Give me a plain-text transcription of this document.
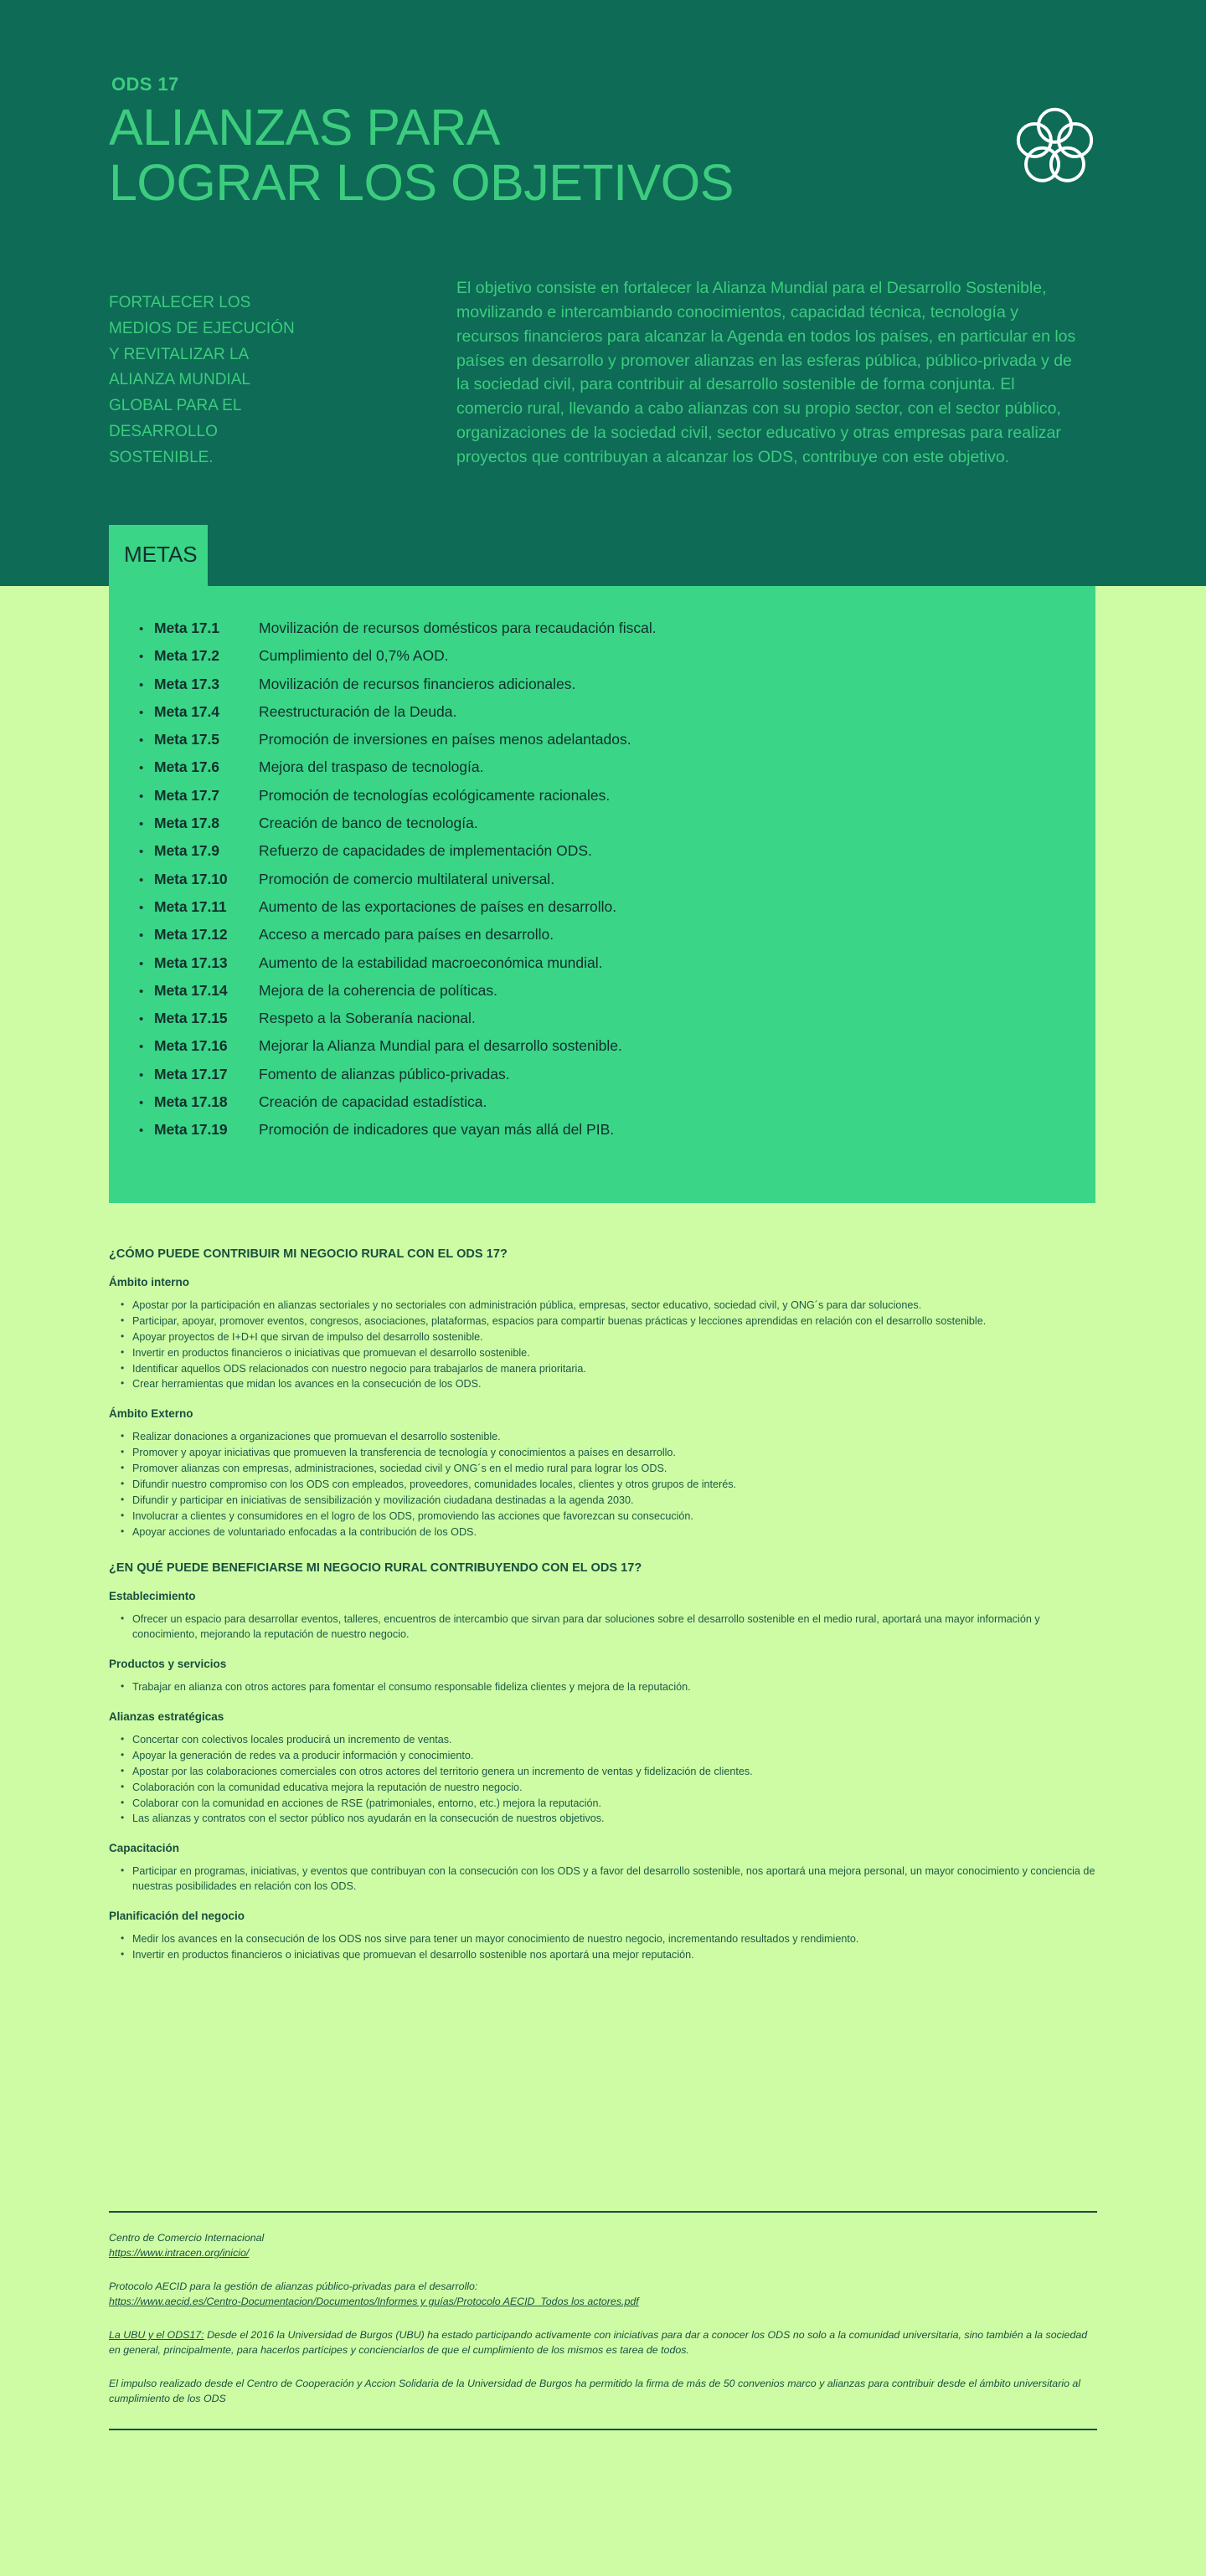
ODS 17
ALIANZAS PARA
LOGRAR LOS OBJETIVOS
FORTALECER LOS MEDIOS DE EJECUCIÓN Y REVITALIZAR LA ALIANZA MUNDIAL GLOBAL PARA EL DESARROLLO SOSTENIBLE.
El objetivo consiste en fortalecer la Alianza Mundial para el Desarrollo Sostenible, movilizando e intercambiando conocimientos, capacidad técnica, tecnología y recursos financieros para alcanzar la Agenda en todos los países, en particular en los países en desarrollo y promover alianzas en las esferas pública, público-privada y de la sociedad civil, para contribuir al desarrollo sostenible de forma conjunta. El comercio rural, llevando a cabo alianzas con su propio sector, con el sector público, organizaciones de la sociedad civil, sector educativo y otras empresas para realizar proyectos que contribuyan a alcanzar los ODS, contribuye con este objetivo.
METAS
• Meta 17.1	Movilización de recursos domésticos para recaudación fiscal.
• Meta 17.2	Cumplimiento del 0,7% AOD.
• Meta 17.3	Movilización de recursos financieros adicionales.
• Meta 17.4	Reestructuración de la Deuda.
• Meta 17.5	Promoción de inversiones en países menos adelantados.
• Meta 17.6	Mejora del traspaso de tecnología.
• Meta 17.7	Promoción de tecnologías ecológicamente racionales.
• Meta 17.8	Creación de banco de tecnología.
• Meta 17.9	Refuerzo de capacidades de implementación ODS.
• Meta 17.10	Promoción de comercio multilateral universal.
• Meta 17.11	Aumento de las exportaciones de países en desarrollo.
• Meta 17.12	Acceso a mercado para países en desarrollo.
• Meta 17.13	Aumento de la estabilidad macroeconómica mundial.
• Meta 17.14	Mejora de la coherencia de políticas.
• Meta 17.15	Respeto a la Soberanía nacional.
• Meta 17.16	Mejorar la Alianza Mundial para el desarrollo sostenible.
• Meta 17.17	Fomento de alianzas público-privadas.
• Meta 17.18	Creación de capacidad estadística.
• Meta 17.19	Promoción de indicadores que vayan más allá del PIB.
¿CÓMO PUEDE CONTRIBUIR MI NEGOCIO RURAL CON EL ODS 17?
Ámbito interno
• Apostar por la participación en alianzas sectoriales y no sectoriales con administración pública, empresas, sector educativo, sociedad civil, y ONG´s para dar soluciones.
• Participar, apoyar, promover eventos, congresos, asociaciones, plataformas, espacios para compartir buenas prácticas y lecciones aprendidas en relación con el desarrollo sostenible.
• Apoyar proyectos de I+D+I que sirvan de impulso del desarrollo sostenible.
• Invertir en productos financieros o iniciativas que promuevan el desarrollo sostenible.
• Identificar aquellos ODS relacionados con nuestro negocio para trabajarlos de manera prioritaria.
• Crear herramientas que midan los avances en la consecución de los ODS.
Ámbito Externo
• Realizar donaciones a organizaciones que promuevan el desarrollo sostenible.
• Promover y apoyar iniciativas que promueven la transferencia de tecnología y conocimientos a países en desarrollo.
• Promover alianzas con empresas, administraciones, sociedad civil y ONG´s en el medio rural para lograr los ODS.
• Difundir nuestro compromiso con los ODS con empleados, proveedores, comunidades locales, clientes y otros grupos de interés.
• Difundir y participar en iniciativas de sensibilización y movilización ciudadana destinadas a la agenda 2030.
• Involucrar a clientes y consumidores en el logro de los ODS, promoviendo las acciones que favorezcan su consecución.
• Apoyar acciones de voluntariado enfocadas a la contribución de los ODS.
¿EN QUÉ PUEDE BENEFICIARSE MI NEGOCIO RURAL CONTRIBUYENDO CON EL ODS 17?
Establecimiento
• Ofrecer un espacio para desarrollar eventos, talleres, encuentros de intercambio que sirvan para dar soluciones sobre el desarrollo sostenible en el medio rural, aportará una mayor información y conocimiento, mejorando la reputación de nuestro negocio.
Productos y servicios
• Trabajar en alianza con otros actores para fomentar el consumo responsable fideliza clientes y mejora de la reputación.
Alianzas estratégicas
• Concertar con colectivos locales producirá un incremento de ventas.
• Apoyar la generación de redes va a producir información y conocimiento.
• Apostar por las colaboraciones comerciales con otros actores del territorio genera un incremento de ventas y fidelización de clientes.
• Colaboración con la comunidad educativa mejora la reputación de nuestro negocio.
• Colaborar con la comunidad en acciones de RSE (patrimoniales, entorno, etc.) mejora la reputación.
• Las alianzas y contratos con el sector público nos ayudarán en la consecución de nuestros objetivos.
Capacitación
• Participar en programas, iniciativas, y eventos que contribuyan con la consecución con los ODS y a favor del desarrollo sostenible, nos aportará una mejora personal, un mayor conocimiento y conciencia de nuestras posibilidades en relación con los ODS.
Planificación del negocio
• Medir los avances en la consecución de los ODS nos sirve para tener un mayor conocimiento de nuestro negocio, incrementando resultados y rendimiento.
• Invertir en productos financieros o iniciativas que promuevan el desarrollo sostenible nos aportará una mejor reputación.
Centro de Comercio Internacional
https://www.intracen.org/inicio/
Protocolo AECID para la gestión de alianzas público-privadas para el desarrollo:
https://www.aecid.es/Centro-Documentacion/Documentos/Informes y guías/Protocolo AECID_Todos los actores.pdf
La UBU y el ODS17: Desde el 2016 la Universidad de Burgos (UBU) ha estado participando activamente con iniciativas para dar a conocer los ODS no solo a la comunidad universitaria, sino también a la sociedad en general, principalmente, para hacerlos partícipes y concienciarlos de que el cumplimiento de los mismos es tarea de todos.
El impulso realizado desde el Centro de Cooperación y Accion Solidaria de la Universidad de Burgos ha permitido la firma de más de 50 convenios marco y alianzas para contribuir desde el ámbito universitario al cumplimiento de los ODS
